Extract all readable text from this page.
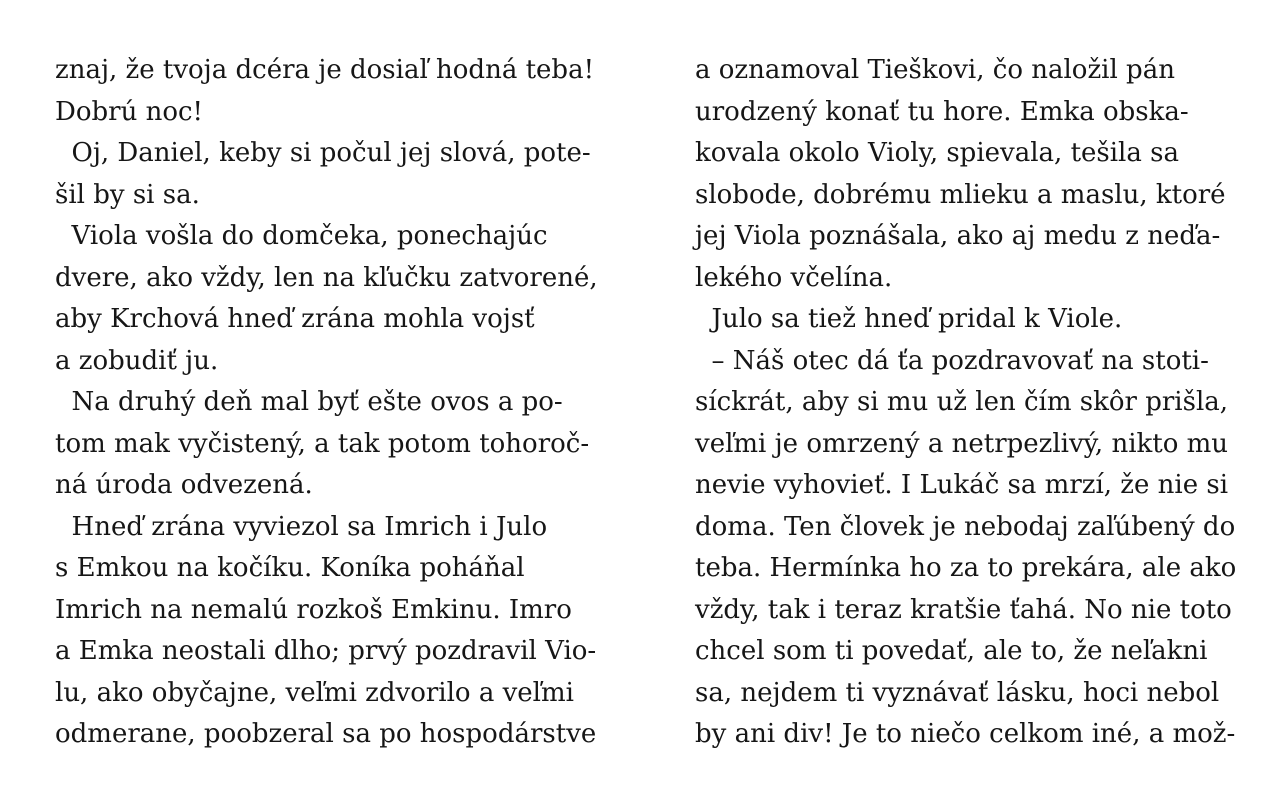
znaj, že tvoja dcéra je dosiaľ hodná teba!
Dobrú noc!
Oj, Daniel, keby si počul jej slová, pote-
šil by si sa.
Viola vošla do domčeka, ponechajúc
dvere, ako vždy, len na kľučku zatvorené,
aby Krchová hneď zrána mohla vojsť
a zobudiť ju.
Na druhý deň mal byť ešte ovos a po-
tom mak vyčistený, a tak potom tohoroč-
ná úroda odvezená.
Hneď zrána vyviezol sa Imrich i Julo
s Emkou na kočíku. Koníka poháňal
Imrich na nemalú rozkoš Emkinu. Imro
a Emka neostali dlho; prvý pozdravil Vio-
lu, ako obyčajne, veľmi zdvorilo a veľmi
odmerane, poobzeral sa po hospodárstve
a oznamoval Tieškovi, čo naložil pán
urodzený konať tu hore. Emka obska-
kovala okolo Violy, spievala, tešila sa
slobode, dobrému mlieku a maslu, ktoré
jej Viola poznášala, ako aj medu z neďa-
lekého včelína.
Julo sa tiež hneď pridal k Viole.
– Náš otec dá ťa pozdravovať na stoti-
síckrát, aby si mu už len čím skôr prišla,
veľmi je omrzený a netrpezlivý, nikto mu
nevie vyhovieť. I Lukáč sa mrzí, že nie si
doma. Ten človek je nebodaj zaľúbený do
teba. Hermínka ho za to prekára, ale ako
vždy, tak i teraz kratšie ťahá. No nie toto
chcel som ti povedať, ale to, že neľakni
sa, nejdem ti vyznávať lásku, hoci nebol
by ani div! Je to niečo celkom iné, a mož-
